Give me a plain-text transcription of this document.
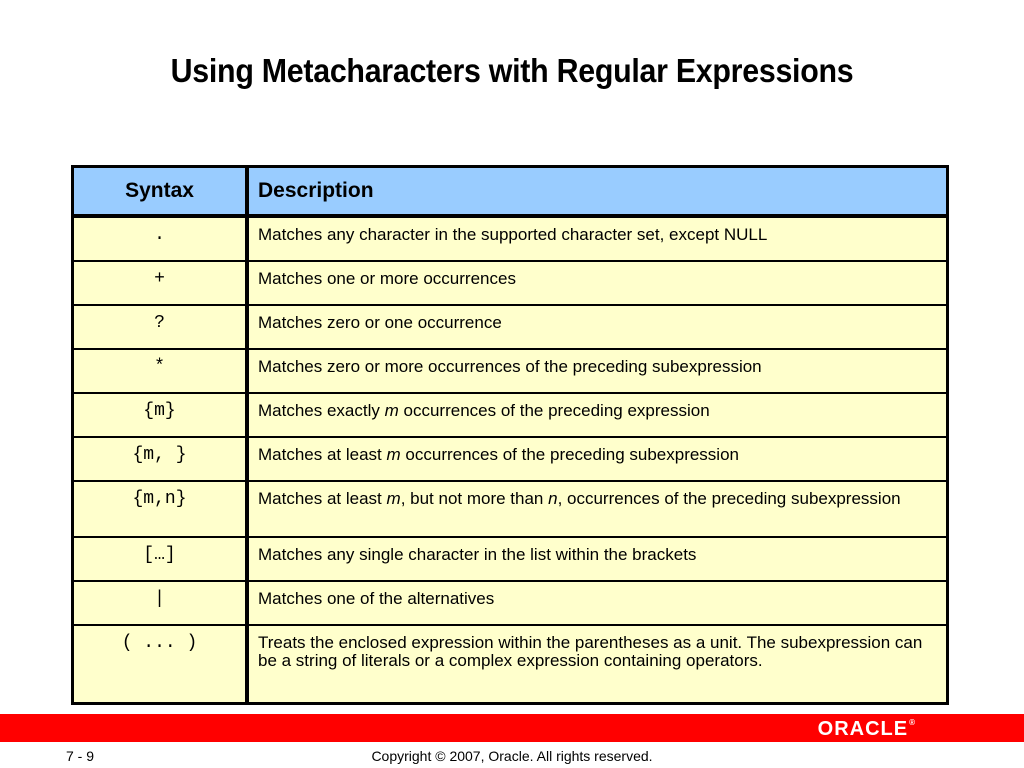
Using Metacharacters with Regular Expressions
Syntax	Description
.	Matches any character in the supported character set, except NULL
+	Matches one or more occurrences
?	Matches zero or one occurrence
*	Matches zero or more occurrences of the preceding subexpression
{m}	Matches exactly m occurrences of the preceding expression
{m, }	Matches at least m occurrences of the preceding subexpression
{m,n}	Matches at least m, but not more than n, occurrences of the preceding subexpression
[…]	Matches any single character in the list within the brackets
|	Matches one of the alternatives
( ... )	Treats the enclosed expression within the parentheses as a unit. The subexpression can be a string of literals or a complex expression containing operators.
ORACLE®
7 - 9	Copyright © 2007, Oracle. All rights reserved.
